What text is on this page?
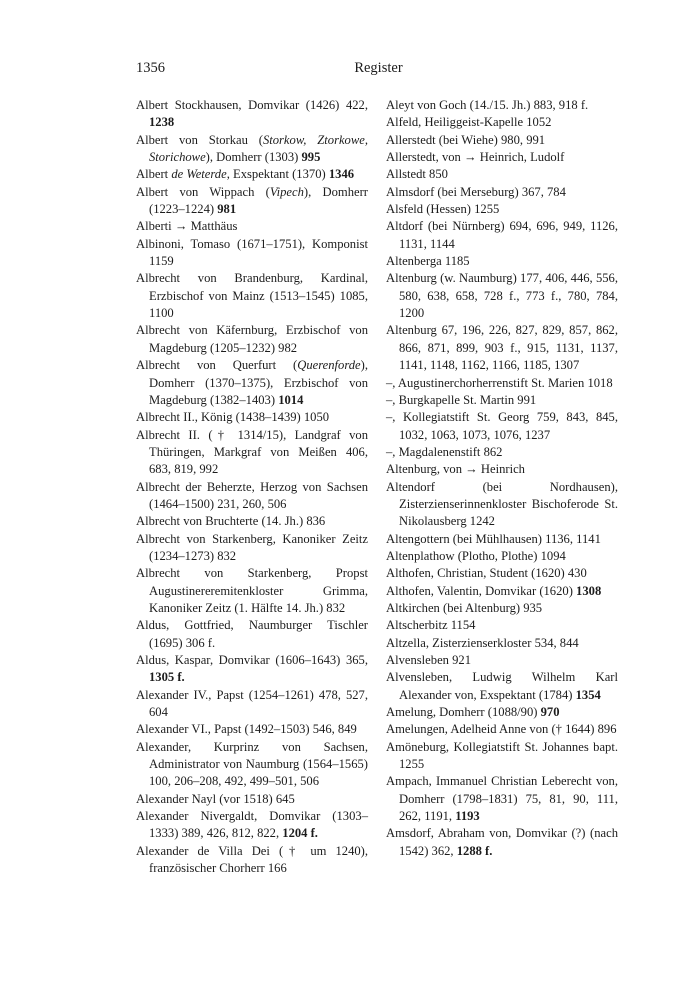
1356	Register

Albert Stockhausen, Domvikar (1426) 422, 1238

Albert von Storkau (Storkow, Ztorkowe, Storichowe), Domherr (1303) 995

Albert de Weterde, Exspektant (1370) 1346

Albert von Wippach (Vipech), Domherr (1223–1224) 981

Alberti → Matthäus

Albinoni, Tomaso (1671–1751), Komponist 1159

Albrecht von Brandenburg, Kardinal, Erzbischof von Mainz (1513–1545) 1085, 1100

Albrecht von Käfernburg, Erzbischof von Magdeburg (1205–1232) 982

Albrecht von Querfurt (Querenforde), Domherr (1370–1375), Erzbischof von Magdeburg (1382–1403) 1014

Albrecht II., König (1438–1439) 1050

Albrecht II. († 1314/15), Landgraf von Thüringen, Markgraf von Meißen 406, 683, 819, 992

Albrecht der Beherzte, Herzog von Sachsen (1464–1500) 231, 260, 506

Albrecht von Bruchterte (14. Jh.) 836

Albrecht von Starkenberg, Kanoniker Zeitz (1234–1273) 832

Albrecht von Starkenberg, Propst Augustinereremitenkloster Grimma, Kanoniker Zeitz (1. Hälfte 14. Jh.) 832

Aldus, Gottfried, Naumburger Tischler (1695) 306 f.

Aldus, Kaspar, Domvikar (1606–1643) 365, 1305 f.

Alexander IV., Papst (1254–1261) 478, 527, 604

Alexander VI., Papst (1492–1503) 546, 849

Alexander, Kurprinz von Sachsen, Administrator von Naumburg (1564–1565) 100, 206–208, 492, 499–501, 506

Alexander Nayl (vor 1518) 645

Alexander Nivergaldt, Domvikar (1303–1333) 389, 426, 812, 822, 1204 f.

Alexander de Villa Dei († um 1240), französischer Chorherr 166

Aleyt von Goch (14./15. Jh.) 883, 918 f.

Alfeld, Heiliggeist-Kapelle 1052

Allerstedt (bei Wiehe) 980, 991

Allerstedt, von → Heinrich, Ludolf

Allstedt 850

Almsdorf (bei Merseburg) 367, 784

Alsfeld (Hessen) 1255

Altdorf (bei Nürnberg) 694, 696, 949, 1126, 1131, 1144

Altenberga 1185

Altenburg (w. Naumburg) 177, 406, 446, 556, 580, 638, 658, 728 f., 773 f., 780, 784, 1200

Altenburg 67, 196, 226, 827, 829, 857, 862, 866, 871, 899, 903 f., 915, 1131, 1137, 1141, 1148, 1162, 1166, 1185, 1307

–, Augustinerchorherrenstift St. Marien 1018

–, Burgkapelle St. Martin 991

–, Kollegiatstift St. Georg 759, 843, 845, 1032, 1063, 1073, 1076, 1237

–, Magdalenenstift 862

Altenburg, von → Heinrich

Altendorf (bei Nordhausen), Zisterzienserinnenkloster Bischoferode St. Nikolausberg 1242

Altengottern (bei Mühlhausen) 1136, 1141

Altenplathow (Plotho, Plothe) 1094

Althofen, Christian, Student (1620) 430

Althofen, Valentin, Domvikar (1620) 1308

Altkirchen (bei Altenburg) 935

Altscherbitz 1154

Altzella, Zisterzienserkloster 534, 844

Alvensleben 921

Alvensleben, Ludwig Wilhelm Karl Alexander von, Exspektant (1784) 1354

Amelung, Domherr (1088/90) 970

Amelungen, Adelheid Anne von († 1644) 896

Amöneburg, Kollegiatstift St. Johannes bapt. 1255

Ampach, Immanuel Christian Leberecht von, Domherr (1798–1831) 75, 81, 90, 111, 262, 1191, 1193

Amsdorf, Abraham von, Domvikar (?) (nach 1542) 362, 1288 f.
